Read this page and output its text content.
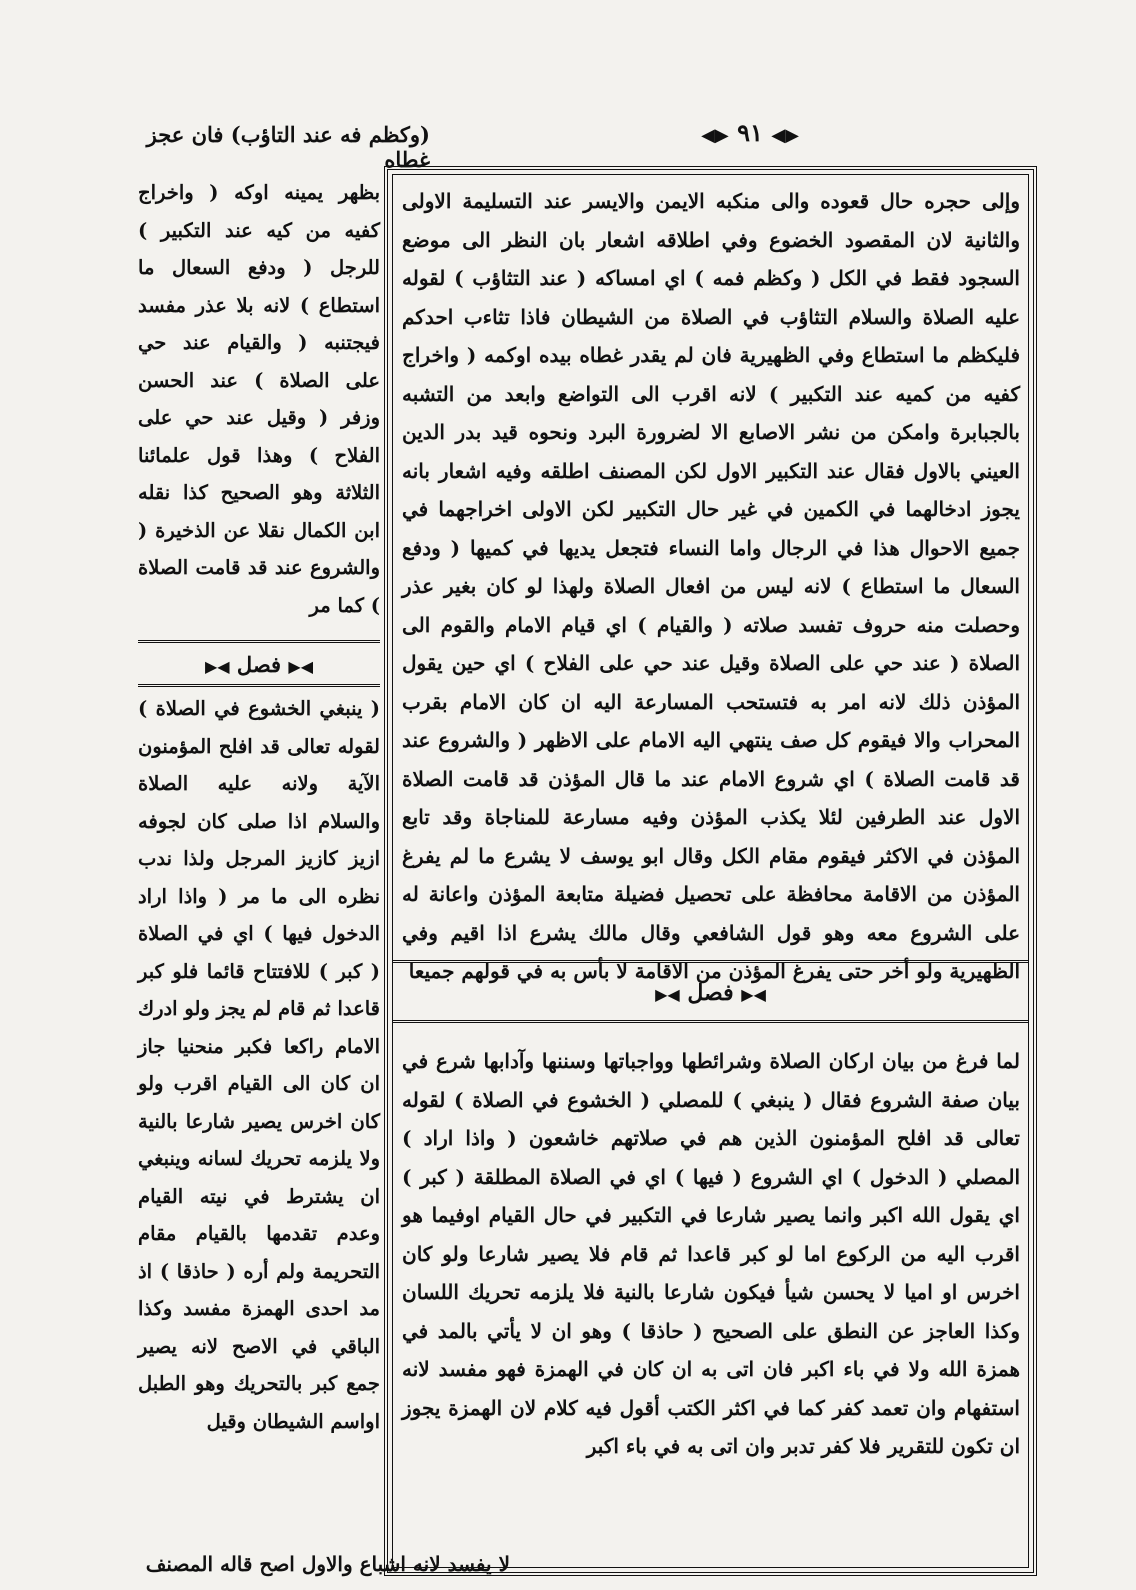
(وكظم فه عند التاؤب) فان عجز غطاه
◀▶ ٩١ ◀▶
بظهر يمينه اوكه ( واخراج كفيه من كيه عند التكبير ) للرجل ( ودفع السعال ما استطاع ) لانه بلا عذر مفسد فيجتنبه ( والقيام عند حي على الصلاة ) عند الحسن وزفر ( وقيل عند حي على الفلاح ) وهذا قول علمائنا الثلاثة وهو الصحيح كذا نقله ابن الكمال نقلا عن الذخيرة ( والشروع عند قد قامت الصلاة ) كما مر
◀▶ فصل ◀▶
( ينبغي الخشوع في الصلاة ) لقوله تعالى قد افلح المؤمنون الآية ولانه عليه الصلاة والسلام اذا صلى كان لجوفه ازيز كازيز المرجل ولذا ندب نظره الى ما مر ( واذا اراد الدخول فيها ) اي في الصلاة ( كبر ) للافتتاح قائما فلو كبر قاعدا ثم قام لم يجز ولو ادرك الامام راكعا فكبر منحنيا جاز ان كان الى القيام اقرب ولو كان اخرس يصير شارعا بالنية ولا يلزمه تحريك لسانه وينبغي ان يشترط في نيته القيام وعدم تقدمها بالقيام مقام التحريمة ولم أره ( حاذقا ) اذ مد احدى الهمزة مفسد وكذا الباقي في الاصح لانه يصير جمع كبر بالتحريك وهو الطبل اواسم الشيطان وقيل
وإلى حجره حال قعوده والى منكبه الايمن والايسر عند التسليمة الاولى والثانية لان المقصود الخضوع وفي اطلاقه اشعار بان النظر الى موضع السجود فقط في الكل ( وكظم فمه ) اي امساكه ( عند التثاؤب ) لقوله عليه الصلاة والسلام التثاؤب في الصلاة من الشيطان فاذا تثاءب احدكم فليكظم ما استطاع وفي الظهيرية فان لم يقدر غطاه بيده اوكمه ( واخراج كفيه من كميه عند التكبير ) لانه اقرب الى التواضع وابعد من التشبه بالجبابرة وامكن من نشر الاصابع الا لضرورة البرد ونحوه قيد بدر الدين العيني بالاول فقال عند التكبير الاول لكن المصنف اطلقه وفيه اشعار بانه يجوز ادخالهما في الكمين في غير حال التكبير لكن الاولى اخراجهما في جميع الاحوال هذا في الرجال واما النساء فتجعل يديها في كميها ( ودفع السعال ما استطاع ) لانه ليس من افعال الصلاة ولهذا لو كان بغير عذر وحصلت منه حروف تفسد صلاته ( والقيام ) اي قيام الامام والقوم الى الصلاة ( عند حي على الصلاة وقيل عند حي على الفلاح ) اي حين يقول المؤذن ذلك لانه امر به فتستحب المسارعة اليه ان كان الامام بقرب المحراب والا فيقوم كل صف ينتهي اليه الامام على الاظهر ( والشروع عند قد قامت الصلاة ) اي شروع الامام عند ما قال المؤذن قد قامت الصلاة الاول عند الطرفين لئلا يكذب المؤذن وفيه مسارعة للمناجاة وقد تابع المؤذن في الاكثر فيقوم مقام الكل وقال ابو يوسف لا يشرع ما لم يفرغ المؤذن من الاقامة محافظة على تحصيل فضيلة متابعة المؤذن واعانة له على الشروع معه وهو قول الشافعي وقال مالك يشرع اذا اقيم وفي الظهيرية ولو أخر حتى يفرغ المؤذن من الاقامة لا بأس به في قولهم جميعا
◀▶ فصل ◀▶
لما فرغ من بيان اركان الصلاة وشرائطها وواجباتها وسننها وآدابها شرع في بيان صفة الشروع فقال ( ينبغي ) للمصلي ( الخشوع في الصلاة ) لقوله تعالى قد افلح المؤمنون الذين هم في صلاتهم خاشعون ( واذا اراد ) المصلي ( الدخول ) اي الشروع ( فيها ) اي في الصلاة المطلقة ( كبر ) اي يقول الله اكبر وانما يصير شارعا في التكبير في حال القيام اوفيما هو اقرب اليه من الركوع اما لو كبر قاعدا ثم قام فلا يصير شارعا ولو كان اخرس او اميا لا يحسن شيأ فيكون شارعا بالنية فلا يلزمه تحريك اللسان وكذا العاجز عن النطق على الصحيح ( حاذقا ) وهو ان لا يأتي بالمد في همزة الله ولا في باء اكبر فان اتى به ان كان في الهمزة فهو مفسد لانه استفهام وان تعمد كفر كما في اكثر الكتب أقول فيه كلام لان الهمزة يجوز ان تكون للتقرير فلا كفر تدبر وان اتى به في باء اكبر
لا يفسد لانه اشباع والاول اصح قاله المصنف
